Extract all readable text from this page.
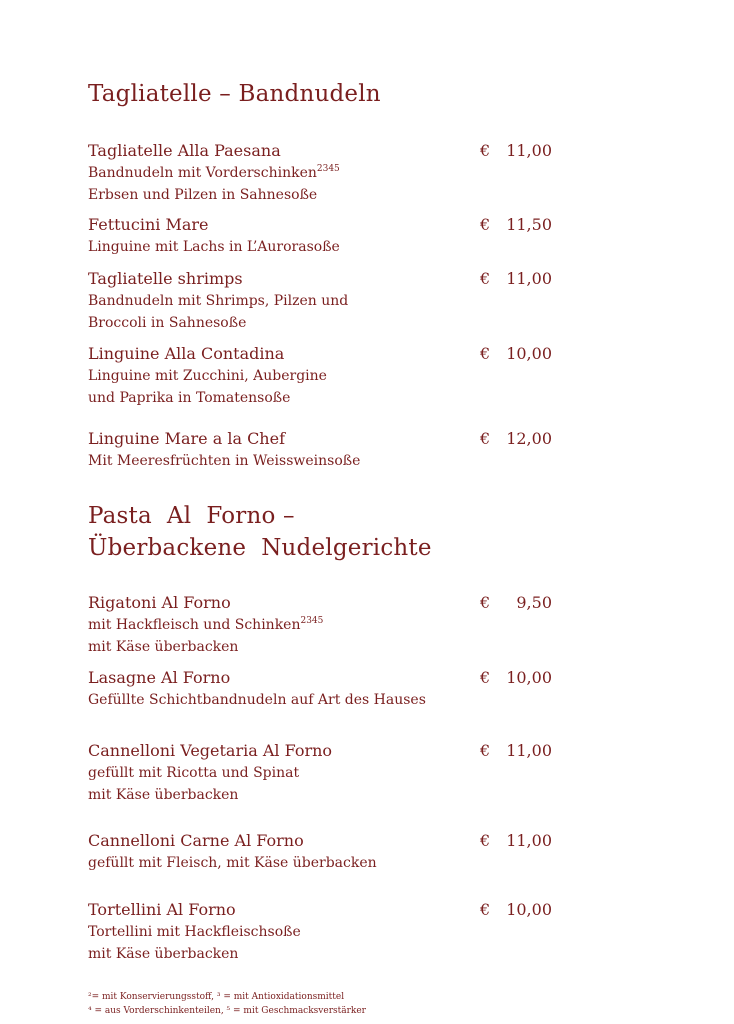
Tagliatelle – Bandnudeln
Tagliatelle Alla Paesana
Bandnudeln mit Vorderschinken$^{2345}$
Erbsen und Pilzen in Sahnesoße
€ 11,00
Fettucini Mare
Linguine mit Lachs in L’Aurorasoße
€ 11,50
Tagliatelle shrimps
Bandnudeln mit Shrimps, Pilzen und
Broccoli in Sahnesoße
€ 11,00
Linguine Alla Contadina
Linguine mit Zucchini, Aubergine
und Paprika in Tomatensoße
€ 10,00
Linguine Mare a la Chef
Mit Meeresfrüchten in Weissweinsoße
€ 12,00
Pasta  Al  Forno –
Überbackene  Nudelgerichte
Rigatoni Al Forno
mit Hackfleisch und Schinken$^{2345}$
mit Käse überbacken
€ 9,50
Lasagne Al Forno
Gefüllte Schichtbandnudeln auf Art des Hauses
€ 10,00
Cannelloni Vegetaria Al Forno
gefüllt mit Ricotta und Spinat
mit Käse überbacken
€ 11,00
Cannelloni Carne Al Forno
gefüllt mit Fleisch, mit Käse überbacken
€ 11,00
Tortellini Al Forno
Tortellini mit Hackfleischsoße
mit Käse überbacken
€ 10,00
²= mit Konservierungsstoff, ³ = mit Antioxidationsmittel
⁴ = aus Vorderschinkenteilen, ⁵ = mit Geschmacksverstärker
